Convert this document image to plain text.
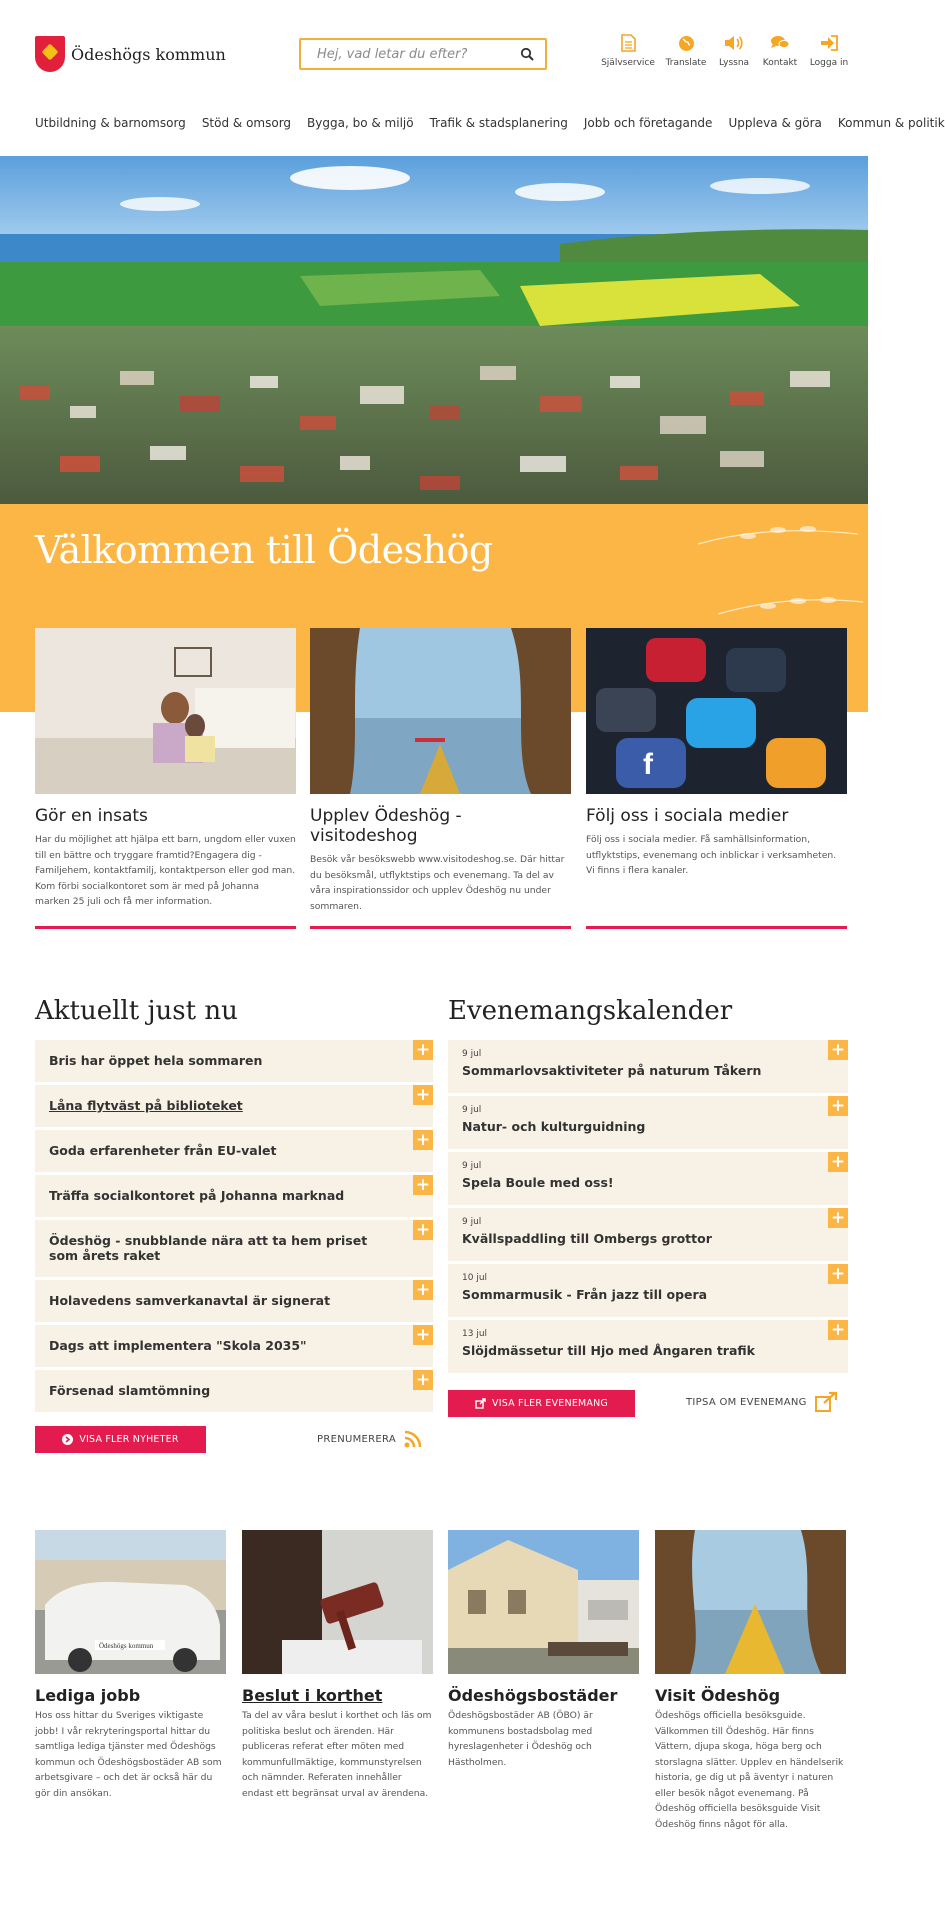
Ödeshögs kommun	Hej, vad letar du efter?
Självservice Translate Lyssna Kontakt Logga in
Utbildning & barnomsorg Stöd & omsorg Bygga, bo & miljö Trafik & stadsplanering Jobb och företagande Uppleva & göra Kommun & politik
Välkommen till Ödeshög
Gör en insats

Har du möjlighet att hjälpa ett barn, ungdom eller vuxen till en bättre och tryggare framtid?Engagera dig - Familjehem, kontaktfamilj, kontaktperson eller god man. Kom förbi socialkontoret som är med på Johanna marken 25 juli och få mer information.

Upplev Ödeshög - visitodeshog

Besök vår besökswebb www.visitodeshog.se. Där hittar du besöksmål, utflyktstips och evenemang. Ta del av våra inspirationssidor och upplev Ödeshög nu under sommaren.

f
Följ oss i sociala medier

Följ oss i sociala medier. Få samhällsinformation, utflyktstips, evenemang och inblickar i verksamheten. Vi finns i flera kanaler.

Aktuellt just nu
Bris har öppet hela sommaren
+
Låna flytväst på biblioteket
+
Goda erfarenheter från EU-valet
+
Träffa socialkontoret på Johanna marknad
+
Ödeshög - snubblande nära att ta hem priset som årets raket
+
Holavedens samverkanavtal är signerat
+
Dags att implementera "Skola 2035"
+
Försenad slamtömning
+
VISA FLER NYHETER	PRENUMERERA
Evenemangskalender
9 jul
Sommarlovsaktiviteter på naturum Tåkern
+
9 jul
Natur- och kulturguidning
+
9 jul
Spela Boule med oss!
+
9 jul
Kvällspaddling till Ombergs grottor
+
10 jul
Sommarmusik - Från jazz till opera
+
13 jul
Slöjdmässetur till Hjo med Ångaren trafik
+
VISA FLER EVENEMANG	TIPSA OM EVENEMANG
Ödeshögs kommun
Lediga jobb

Hos oss hittar du Sveriges viktigaste jobb! I vår rekryteringsportal hittar du samtliga lediga tjänster med Ödeshögs kommun och Ödeshögsbostäder AB som arbetsgivare – och det är också här du gör din ansökan.

Beslut i korthet

Ta del av våra beslut i korthet och läs om politiska beslut och ärenden. Här publiceras referat efter möten med kommunfullmäktige, kommunstyrelsen och nämnder. Referaten innehåller endast ett begränsat urval av ärendena.

Ödeshögsbostäder

Ödeshögsbostäder AB (ÖBO) är kommunens bostadsbolag med hyreslagenheter i Ödeshög och Hästholmen.

Visit Ödeshög

Ödeshögs officiella besöksguide. Välkommen till Ödeshög. Här finns Vättern, djupa skoga, höga berg och storslagna slätter. Upplev en händelserik historia, ge dig ut på äventyr i naturen eller besök något evenemang. På Ödeshög officiella besöksguide Visit Ödeshög finns något för alla.
